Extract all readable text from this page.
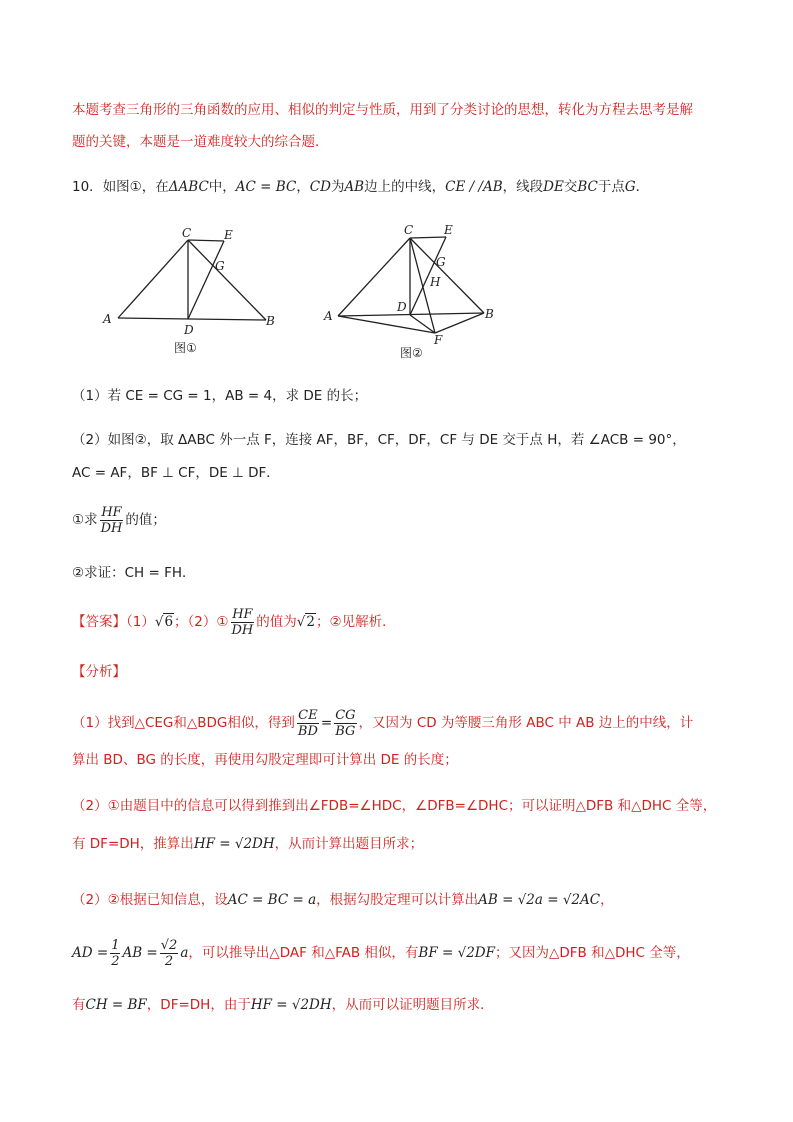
本题考查三角形的三角函数的应用、相似的判定与性质，用到了分类讨论的思想，转化为方程去思考是解
题的关键，本题是一道难度较大的综合题．
10．如图①，在ΔABC中，AC = BC，CD为AB边上的中线，CE / /AB，线段DE交BC于点G．
C	E
G
A
D
B
图①
C	E
G
H
D
A
F
B
图②
（1）若 CE = CG = 1，AB = 4，求 DE 的长；
（2）如图②，取 ΔABC 外一点 F，连接 AF，BF，CF，DF，CF 与 DE 交于点 H，若 ∠ACB = 90°，
AC = AF，BF ⊥ CF，DE ⊥ DF．
①求 $\frac{HF}{DH}$ 的值；
②求证：CH = FH．
【答案】（1）√6；（2）① $\frac{HF}{DH}$ 的值为√2；②见解析．
【分析】
（1）找到△CEG和△BDG相似，得到 $\frac{CE}{BD} = \frac{CG}{BG}$ ，又因为 CD 为等腰三角形 ABC 中 AB 边上的中线，计
算出 BD、BG 的长度，再使用勾股定理即可计算出 DE 的长度；
（2）①由题目中的信息可以得到推到出∠FDB=∠HDC，∠DFB=∠DHC；可以证明△DFB 和△DHC 全等，
有 DF=DH，推算出HF = √2DH，从而计算出题目所求；
（2）②根据已知信息，设AC = BC = a，根据勾股定理可以计算出AB = √2a = √2AC，
AD = $\frac{1}{2}$ AB = $\frac{√2}{2}$ a，可以推导出△DAF 和△FAB 相似，有BF = √2DF；又因为△DFB 和△DHC 全等，
有CH = BF，DF=DH，由于HF = √2DH，从而可以证明题目所求．
